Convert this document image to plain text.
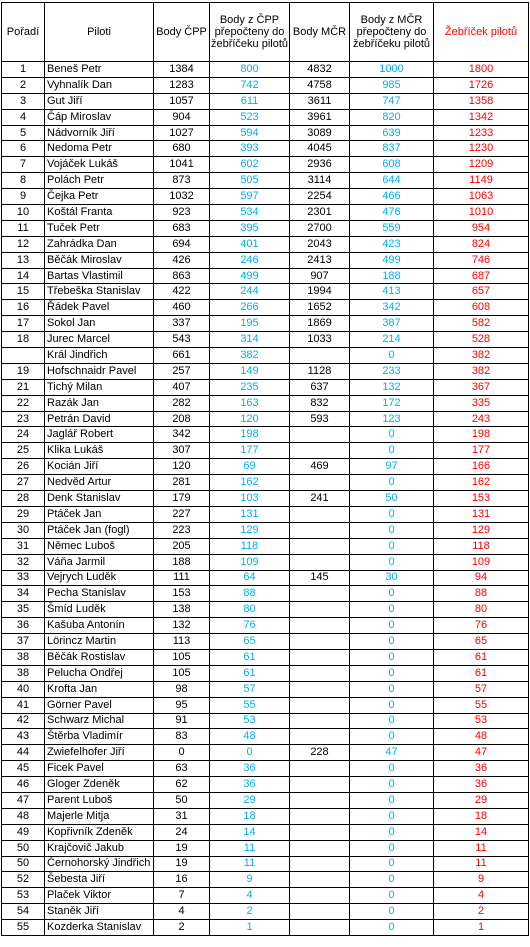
Pořadí	Piloti	Body ČPP	Body z ČPP přepočteny do žebříčeku pilotů	Body MČR	Body z MČR přepočteny do žebříčeku pilotů	Žebříček pilotů
1	Beneš Petr	1384	800	4832	1000	1800
2	Vyhnalík Dan	1283	742	4758	985	1726
3	Gut Jiří	1057	611	3611	747	1358
4	Čáp Miroslav	904	523	3961	820	1342
5	Nádvorník Jiří	1027	594	3089	639	1233
6	Nedoma Petr	680	393	4045	837	1230
7	Vojáček Lukáš	1041	602	2936	608	1209
8	Polách Petr	873	505	3114	644	1149
9	Čejka Petr	1032	597	2254	466	1063
10	Koštál Franta	923	534	2301	476	1010
11	Tuček Petr	683	395	2700	559	954
12	Zahrádka Dan	694	401	2043	423	824
13	Běčák Miroslav	426	246	2413	499	746
14	Bartas Vlastimil	863	499	907	188	687
15	Třebeška Stanislav	422	244	1994	413	657
16	Řádek Pavel	460	266	1652	342	608
17	Sokol Jan	337	195	1869	387	582
18	Jurec Marcel	543	314	1033	214	528
	Král Jindřich	661	382		0	382
19	Hofschnaidr Pavel	257	149	1128	233	382
21	Tichý Milan	407	235	637	132	367
22	Razák Jan	282	163	832	172	335
23	Petrán David	208	120	593	123	243
24	Jaglář Robert	342	198		0	198
25	Klika Lukáš	307	177		0	177
26	Kocián Jiří	120	69	469	97	166
27	Nedvěd Artur	281	162		0	162
28	Denk Stanislav	179	103	241	50	153
29	Ptáček Jan	227	131		0	131
30	Ptáček Jan (fogl)	223	129		0	129
31	Němec Luboš	205	118		0	118
32	Váňa Jarmil	188	109		0	109
33	Vejrych Luděk	111	64	145	30	94
34	Pecha Stanislav	153	88		0	88
35	Šmíd Luděk	138	80		0	80
36	Kašuba Antonín	132	76		0	76
37	Lörincz Martin	113	65		0	65
38	Běčák Rostislav	105	61		0	61
38	Pelucha Ondřej	105	61		0	61
40	Krofta Jan	98	57		0	57
41	Görner Pavel	95	55		0	55
42	Schwarz Michal	91	53		0	53
43	Štěrba Vladimír	83	48		0	48
44	Zwiefelhofer Jiří	0	0	228	47	47
45	Ficek Pavel	63	36		0	36
46	Gloger Zdeněk	62	36		0	36
47	Parent Luboš	50	29		0	29
48	Majerle Mitja	31	18		0	18
49	Kopřivník Zdeněk	24	14		0	14
50	Krajčovič Jakub	19	11		0	11
50	Černohorský Jindřich	19	11		0	11
52	Šebesta Jiří	16	9		0	9
53	Plaček Viktor	7	4		0	4
54	Staněk Jiří	4	2		0	2
55	Kozderka Stanislav	2	1		0	1
